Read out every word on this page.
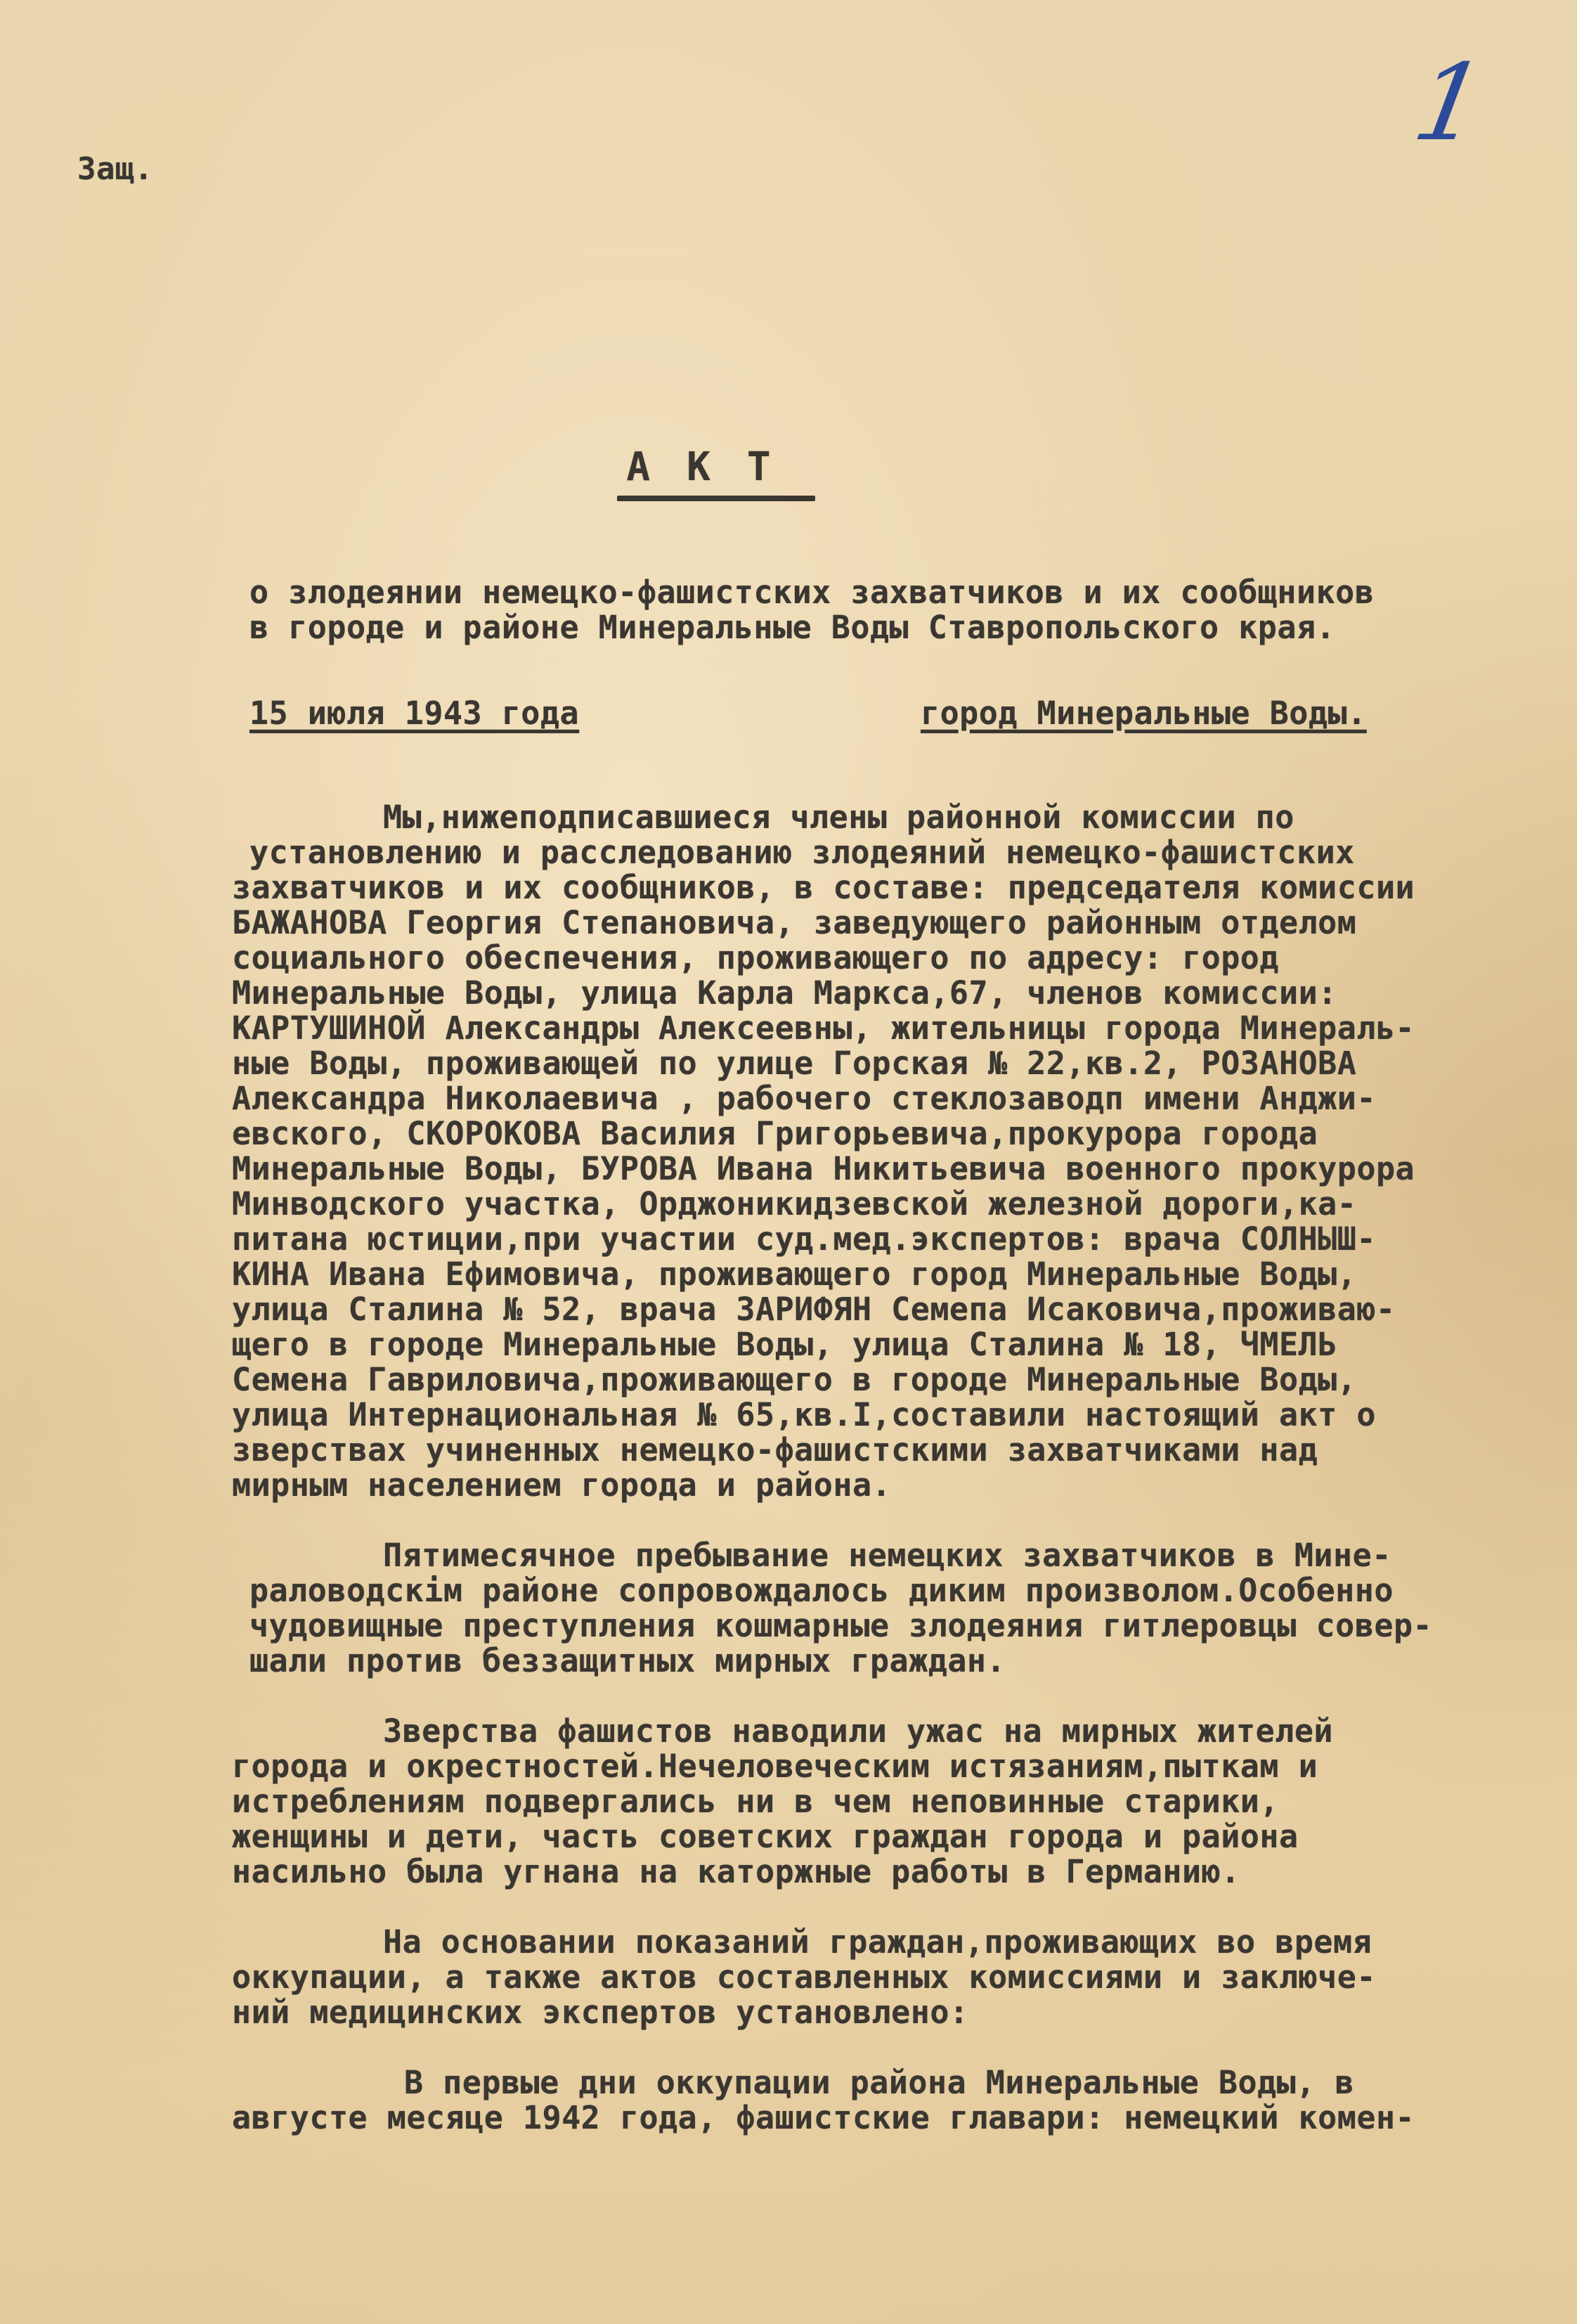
Защ.
1
АКТ
о злодеянии немецко-фашистских захватчиков и их сообщников
в городе и районе Минеральные Воды Ставропольского края.
15 июля 1943 года	город Минеральные Воды.
Мы,нижеподписавшиеся члены районной комиссии по
установлению и расследованию злодеяний немецко-фашистских
захватчиков и их сообщников, в составе: председателя комиссии
БАЖАНОВА Георгия Степановича, заведующего районным отделом
социального обеспечения, проживающего по адресу: город
Минеральные Воды, улица Карла Маркса,67, членов комиссии:
КАРТУШИНОЙ Александры Алексеевны, жительницы города Минераль-
ные Воды, проживающей по улице Горская № 22,кв.2, РОЗАНОВА
Александра Николаевича , рабочего стеклозаводп имени Анджи-
евского, СКОРОКОВА Василия Григорьевича,прокурора города
Минеральные Воды, БУРОВА Ивана Никитьевича военного прокурора
Минводского участка, Орджоникидзевской железной дороги,ка-
питана юстиции,при участии суд.мед.экспертов: врача СОЛНЫШ-
КИНА Ивана Ефимовича, проживающего город Минеральные Воды,
улица Сталина № 52, врача ЗАРИФЯН Семепа Исаковича,проживаю-
щего в городе Минеральные Воды, улица Сталина № 18, ЧМЕЛЬ
Семена Гавриловича,проживающего в городе Минеральные Воды,
улица Интернациональная № 65,кв.I,составили настоящий акт о
зверствах учиненных немецко-фашистскими захватчиками над
мирным населением города и района.
Пятимесячное пребывание немецких захватчиков в Мине-
раловодскім районе сопровождалось диким произволом.Особенно
чудовищные преступления кошмарные злодеяния гитлеровцы совер-
шали против беззащитных мирных граждан.
Зверства фашистов наводили ужас на мирных жителей
города и окрестностей.Нечеловеческим истязаниям,пыткам и
истреблениям подвергались ни в чем неповинные старики,
женщины и дети, часть советских граждан города и района
насильно была угнана на каторжные работы в Германию.
На основании показаний граждан,проживающих во время
оккупации, а также актов составленных комиссиями и заключе-
ний медицинских экспертов установлено:
В первые дни оккупации района Минеральные Воды, в
августе месяце 1942 года, фашистские главари: немецкий комен-
